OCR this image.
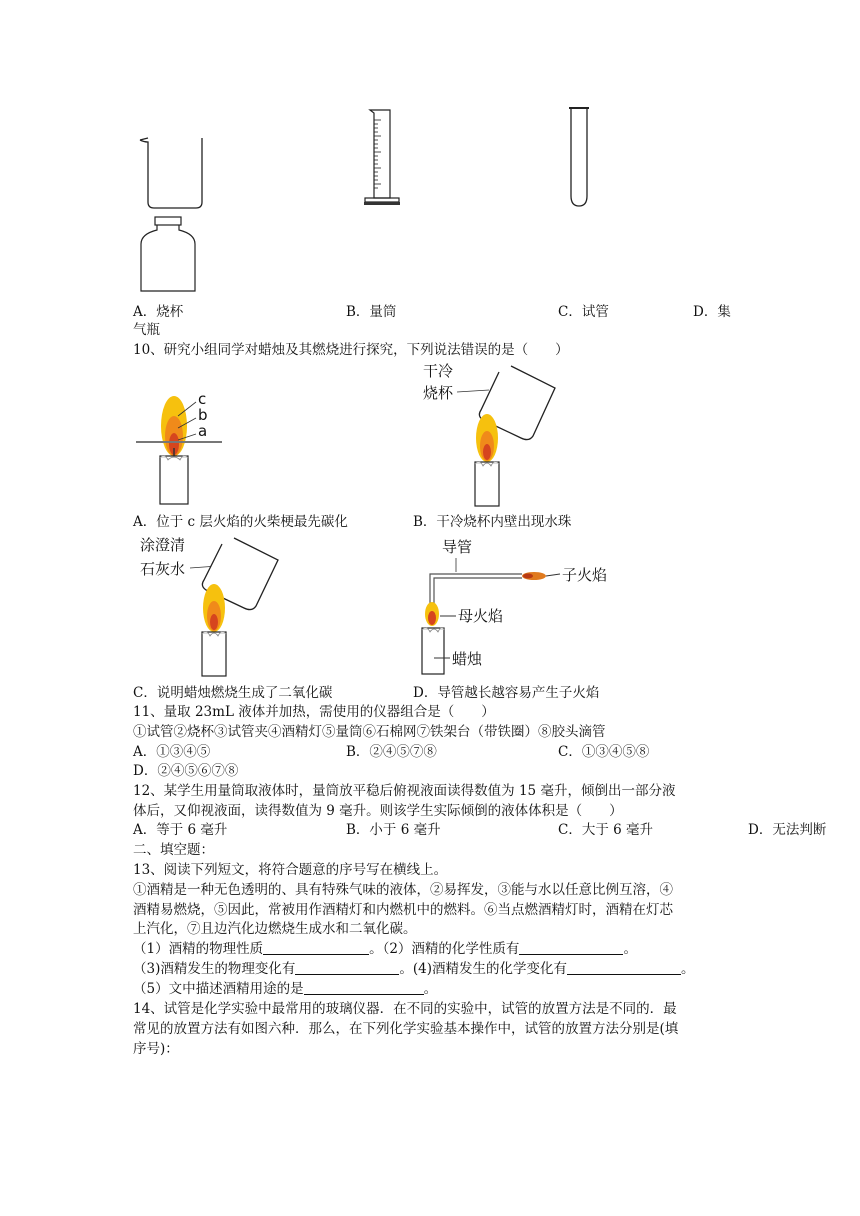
A．烧杯	B．量筒	C．试管	D．集
气瓶
10、研究小组同学对蜡烛及其燃烧进行探究，下列说法错误的是（　　）
c
b
a
干冷
烧杯
A．位于 c 层火焰的火柴梗最先碳化	B．干冷烧杯内壁出现水珠
涂澄清
石灰水
导管
子火焰
母火焰
蜡烛
C．说明蜡烛燃烧生成了二氧化碳	D．导管越长越容易产生子火焰
11、量取 23mL 液体并加热，需使用的仪器组合是（　　）
①试管②烧杯③试管夹④酒精灯⑤量筒⑥石棉网⑦铁架台（带铁圈）⑧胶头滴管
A．①③④⑤	B．②④⑤⑦⑧	C．①③④⑤⑧
D．②④⑤⑥⑦⑧
12、某学生用量筒取液体时，量筒放平稳后俯视液面读得数值为 15 毫升，倾倒出一部分液
体后，又仰视液面，读得数值为 9 毫升。则该学生实际倾倒的液体体积是（　　）
A．等于 6 毫升	B．小于 6 毫升	C．大于 6 毫升	D．无法判断
二、填空题：
13、阅读下列短文，将符合题意的序号写在横线上。
①酒精是一种无色透明的、具有特殊气味的液体，②易挥发，③能与水以任意比例互溶，④
酒精易燃烧，⑤因此，常被用作酒精灯和内燃机中的燃料。⑥当点燃酒精灯时，酒精在灯芯
上汽化，⑦且边汽化边燃烧生成水和二氧化碳。
（1）酒精的物理性质	。（2）酒精的化学性质有	。
（3)酒精发生的物理变化有	。(4)酒精发生的化学变化有	。
（5）文中描述酒精用途的是	。
14、试管是化学实验中最常用的玻璃仪器．在不同的实验中，试管的放置方法是不同的．最
常见的放置方法有如图六种．那么，在下列化学实验基本操作中，试管的放置方法分别是(填
序号)：
